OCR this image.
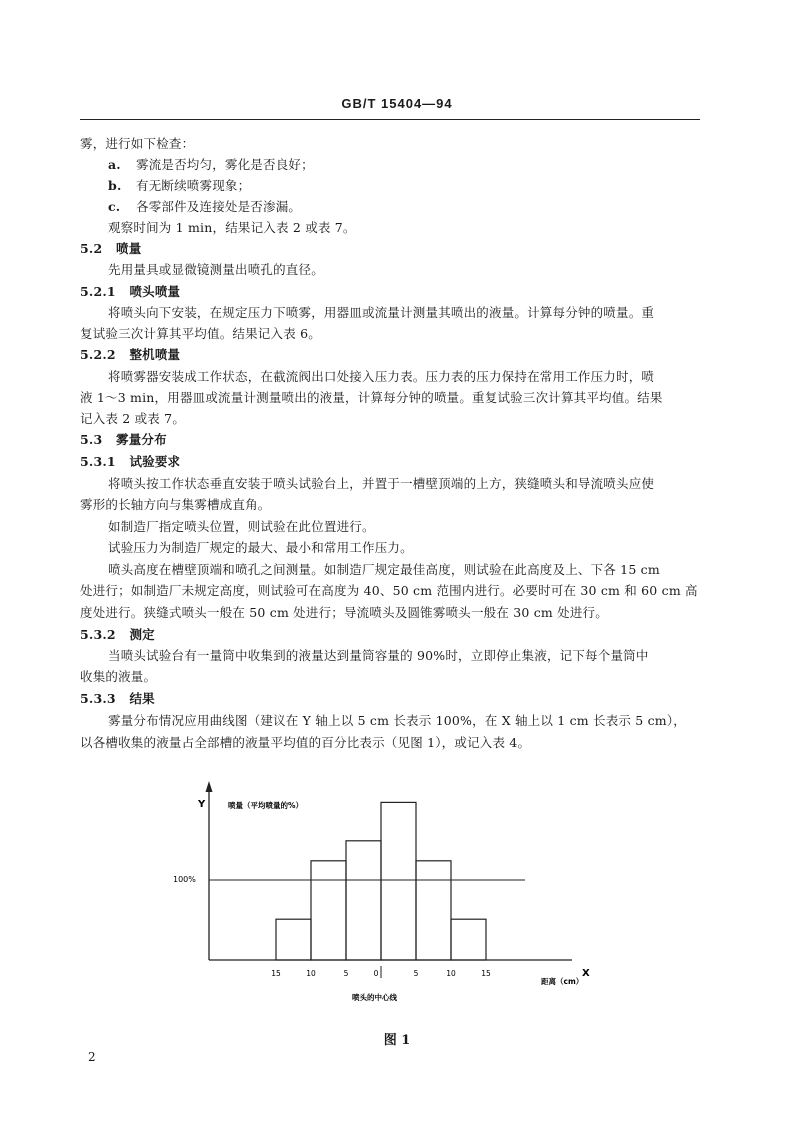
GB/T 15404—94
雾，进行如下检查：
a. 雾流是否均匀，雾化是否良好；
b. 有无断续喷雾现象；
c. 各零部件及连接处是否渗漏。
观察时间为 1 min，结果记入表 2 或表 7。
5.2 喷量
先用量具或显微镜测量出喷孔的直径。
5.2.1 喷头喷量
将喷头向下安装，在规定压力下喷雾，用器皿或流量计测量其喷出的液量。计算每分钟的喷量。重
复试验三次计算其平均值。结果记入表 6。
5.2.2 整机喷量
将喷雾器安装成工作状态，在截流阀出口处接入压力表。压力表的压力保持在常用工作压力时，喷
液 1～3 min，用器皿或流量计测量喷出的液量，计算每分钟的喷量。重复试验三次计算其平均值。结果
记入表 2 或表 7。
5.3 雾量分布
5.3.1 试验要求
将喷头按工作状态垂直安装于喷头试验台上，并置于一槽壁顶端的上方，狭缝喷头和导流喷头应使
雾形的长轴方向与集雾槽成直角。
如制造厂指定喷头位置，则试验在此位置进行。
试验压力为制造厂规定的最大、最小和常用工作压力。
喷头高度在槽壁顶端和喷孔之间测量。如制造厂规定最佳高度，则试验在此高度及上、下各 15 cm
处进行；如制造厂未规定高度，则试验可在高度为 40、50 cm 范围内进行。必要时可在 30 cm 和 60 cm 高
度处进行。狭缝式喷头一般在 50 cm 处进行；导流喷头及圆锥雾喷头一般在 30 cm 处进行。
5.3.2 测定
当喷头试验台有一量筒中收集到的液量达到量筒容量的 90%时，立即停止集液，记下每个量筒中
收集的液量。
5.3.3 结果
雾量分布情况应用曲线图（建议在 Y 轴上以 5 cm 长表示 100%，在 X 轴上以 1 cm 长表示 5 cm），
以各槽收集的液量占全部槽的液量平均值的百分比表示（见图 1），或记入表 4。
Y	喷量（平均喷量的%）
100%
X
距离（cm）
喷头的中心线
15	10	5	0	5	10	15
图 1
2
